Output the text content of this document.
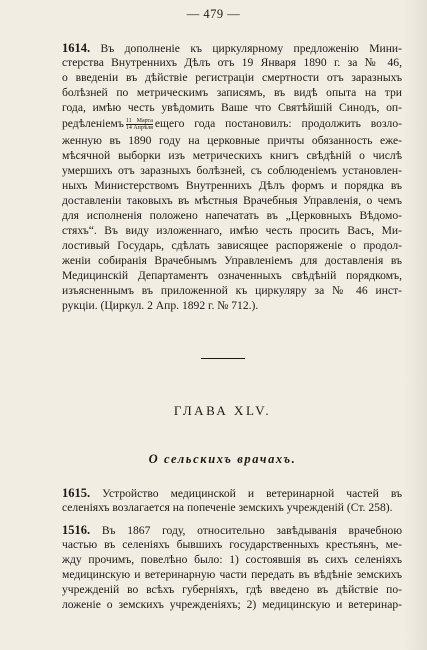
— 479 —
1614. Въ дополненіе къ циркулярному предложенію Мини-
стерства Внутреннихъ Дѣлъ отъ 19 Января 1890 г. за № 46,
о введеніи въ дѣйствіе регистраціи смертности отъ заразныхъ
болѣзней по метрическимъ записямъ, въ видѣ опыта на три
года, имѣю честь увѣдомить Ваше что Святѣйшій Синодъ, оп-
редѣленіемъ $\frac{\text{11 Марта}}{\text{14 Апрѣля}}$ ещего года постановилъ: продолжить возло-
женную въ 1890 году на церковные причты обязанность еже-
мѣсячной выборки изъ метрическихъ книгъ свѣдѣній о числѣ
умершихъ отъ заразныхъ болѣзней, съ соблюденіемъ установлен-
ныхъ Министерствомъ Внутреннихъ Дѣлъ формъ и порядка въ
доставленіи таковыхъ въ мѣстныя Врачебныя Управленія, о чемъ
для исполненія положено напечатать въ „Церковныхъ Вѣдомо-
стяхъ“. Въ виду изложеннаго, имѣю честь просить Васъ, Ми-
лостивый Государь, сдѣлать зависящее распоряженіе о продол-
женіи собиранія Врачебнымъ Управленіемъ для доставленія въ
Медицинскій Департаментъ означенныхъ свѣдѣній порядкомъ,
изъясненнымъ въ приложенной къ циркуляру за № 46 инст-
рукціи. (Циркул. 2 Апр. 1892 г. № 712.).
ГЛАВА XLV.
О сельскихъ врачахъ.
1615. Устройство медицинской и ветеринарной частей въ
селеніяхъ возлагается на попеченіе земскихъ учрежденій (Ст. 258).
1516. Въ 1867 году, относительно завѣдыванія врачебною
частью въ селеніяхъ бывшихъ государственныхъ крестьянъ, ме-
жду прочимъ, повелѣно было: 1) состоявшія въ сихъ селеніяхъ
медицинскую и ветеринарную части передать въ вѣдѣніе земскихъ
учрежденій во всѣхъ губерніяхъ, гдѣ введено въ дѣйствіе по-
ложеніе о земскихъ учрежденіяхъ; 2) медицинскую и ветеринар-
